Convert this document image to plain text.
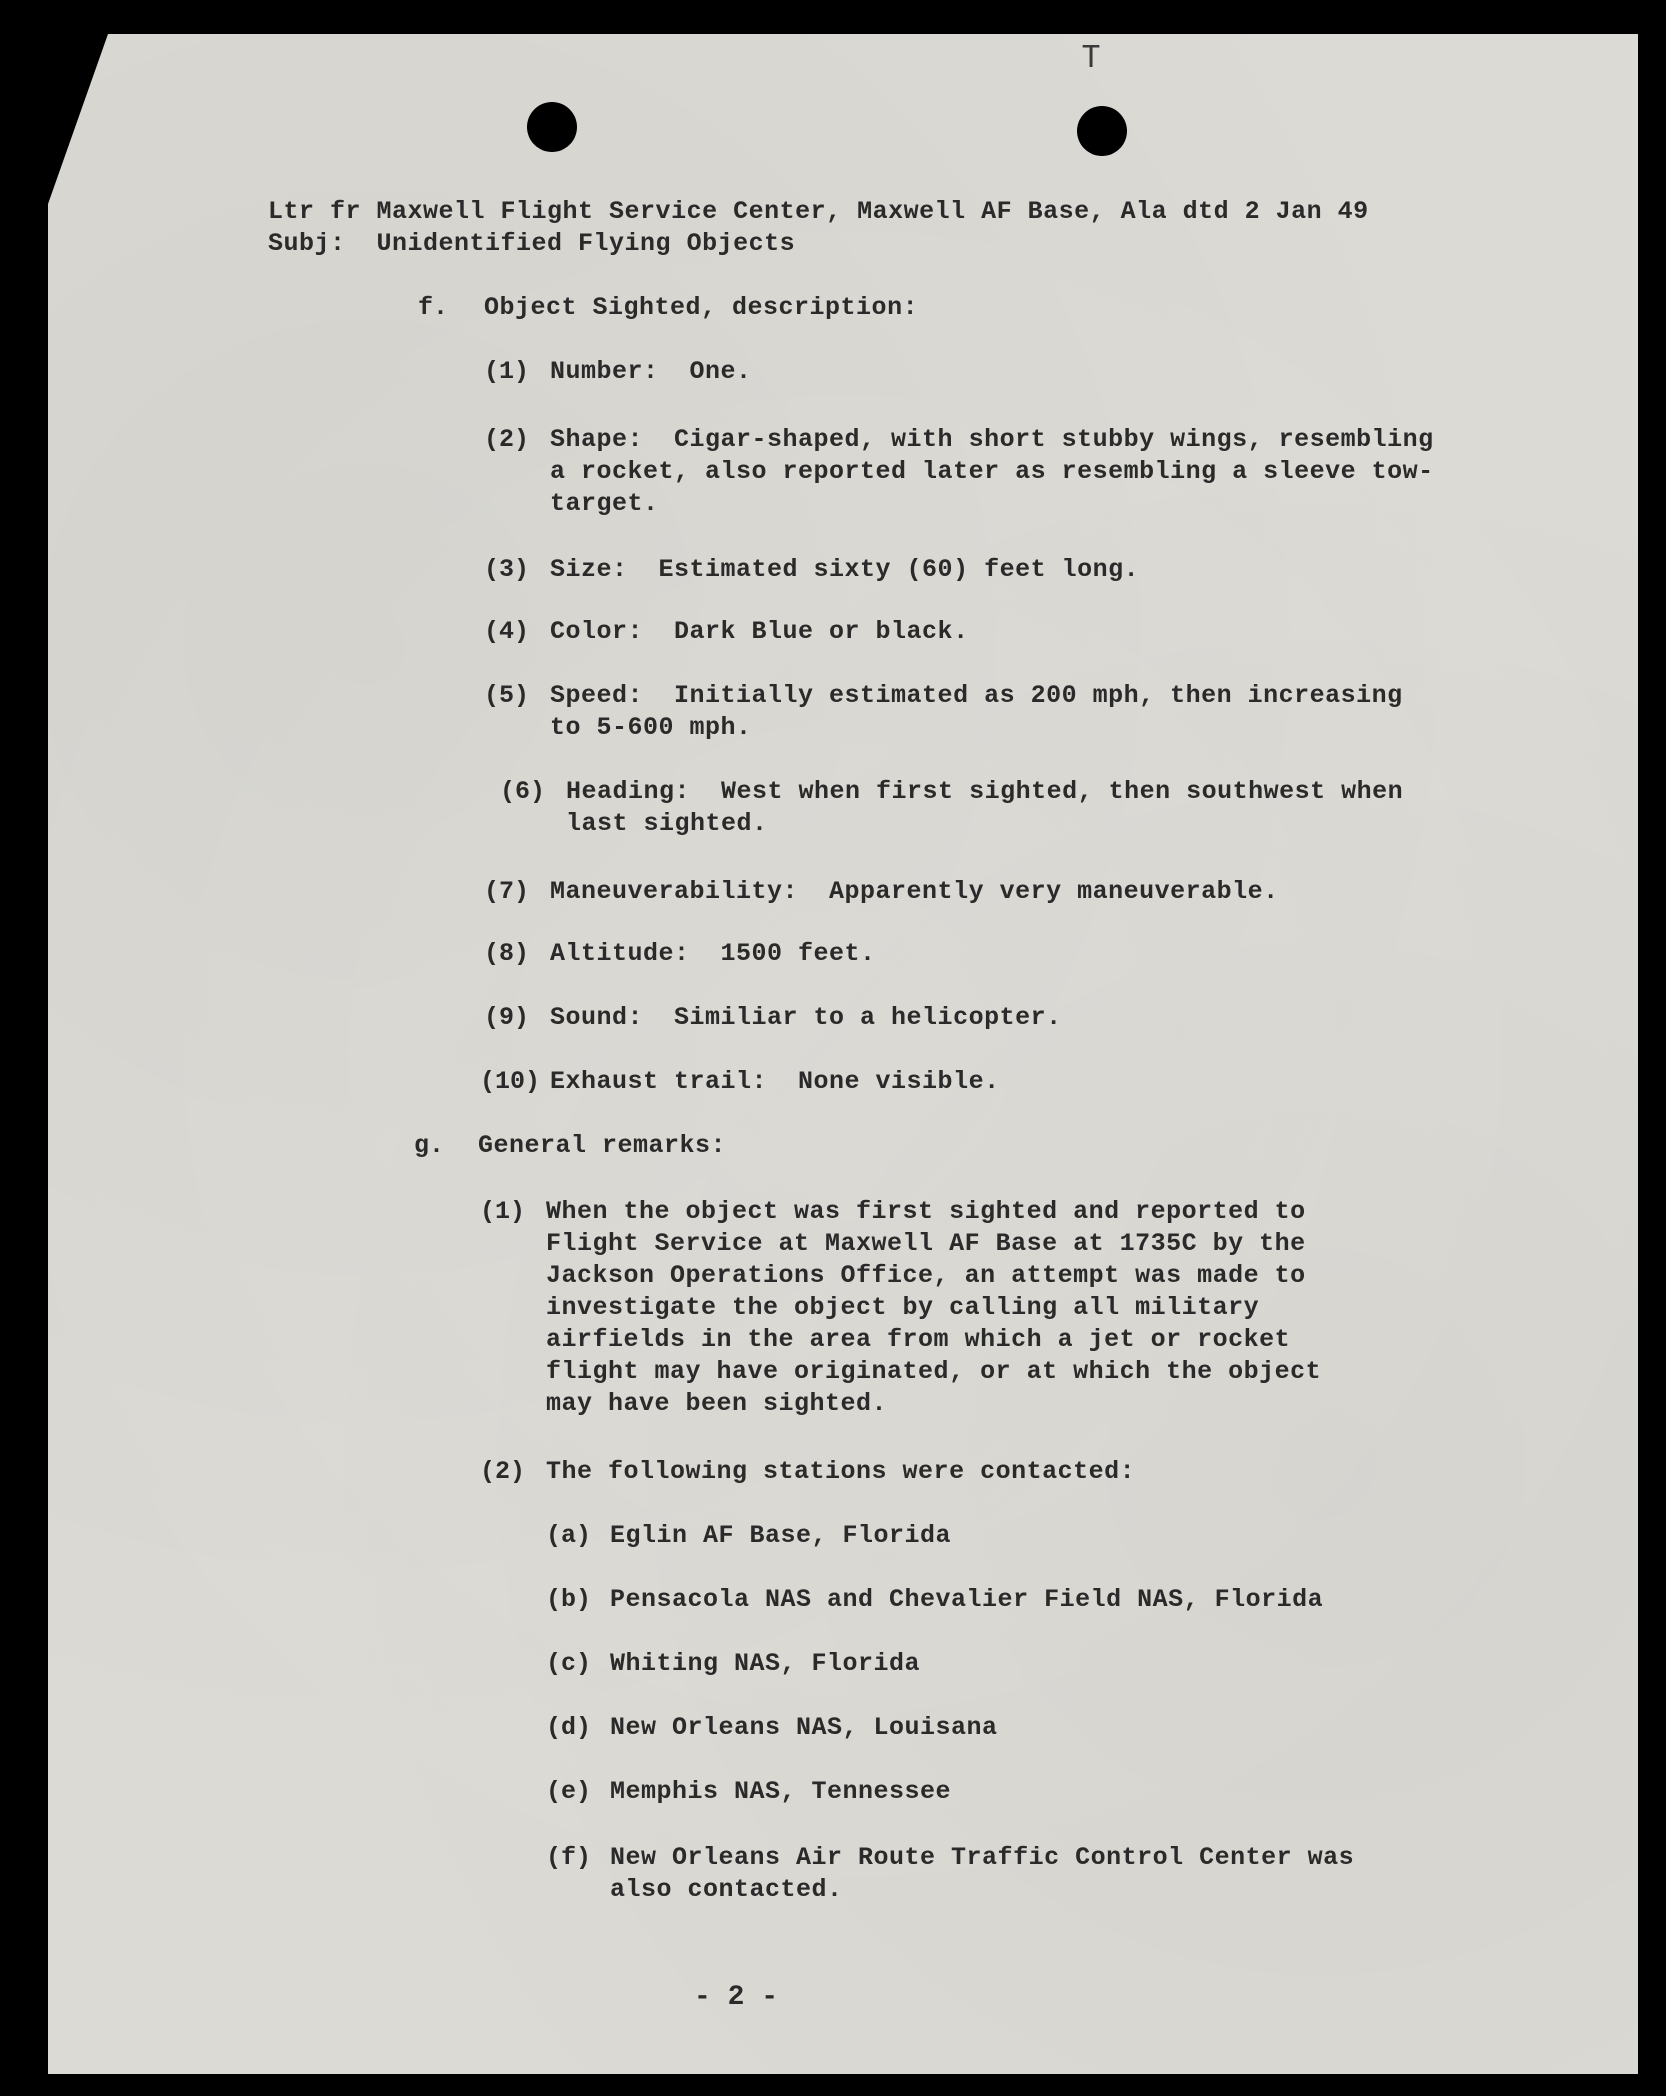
T
Ltr fr Maxwell Flight Service Center, Maxwell AF Base, Ala dtd 2 Jan 49
Subj:  Unidentified Flying Objects
f. Object Sighted, description:
(1) Number:  One.
(2) Shape:  Cigar-shaped, with short stubby wings, resembling
a rocket, also reported later as resembling a sleeve tow-
target.
(3) Size:  Estimated sixty (60) feet long.
(4) Color:  Dark Blue or black.
(5) Speed:  Initially estimated as 200 mph, then increasing
to 5-600 mph.
(6) Heading:  West when first sighted, then southwest when
last sighted.
(7) Maneuverability:  Apparently very maneuverable.
(8) Altitude:  1500 feet.
(9) Sound:  Similiar to a helicopter.
(10) Exhaust trail:  None visible.
g. General remarks:
(1) When the object was first sighted and reported to
Flight Service at Maxwell AF Base at 1735C by the
Jackson Operations Office, an attempt was made to
investigate the object by calling all military
airfields in the area from which a jet or rocket
flight may have originated, or at which the object
may have been sighted.
(2) The following stations were contacted:
(a) Eglin AF Base, Florida
(b) Pensacola NAS and Chevalier Field NAS, Florida
(c) Whiting NAS, Florida
(d) New Orleans NAS, Louisana
(e) Memphis NAS, Tennessee
(f) New Orleans Air Route Traffic Control Center was
also contacted.
- 2 -
